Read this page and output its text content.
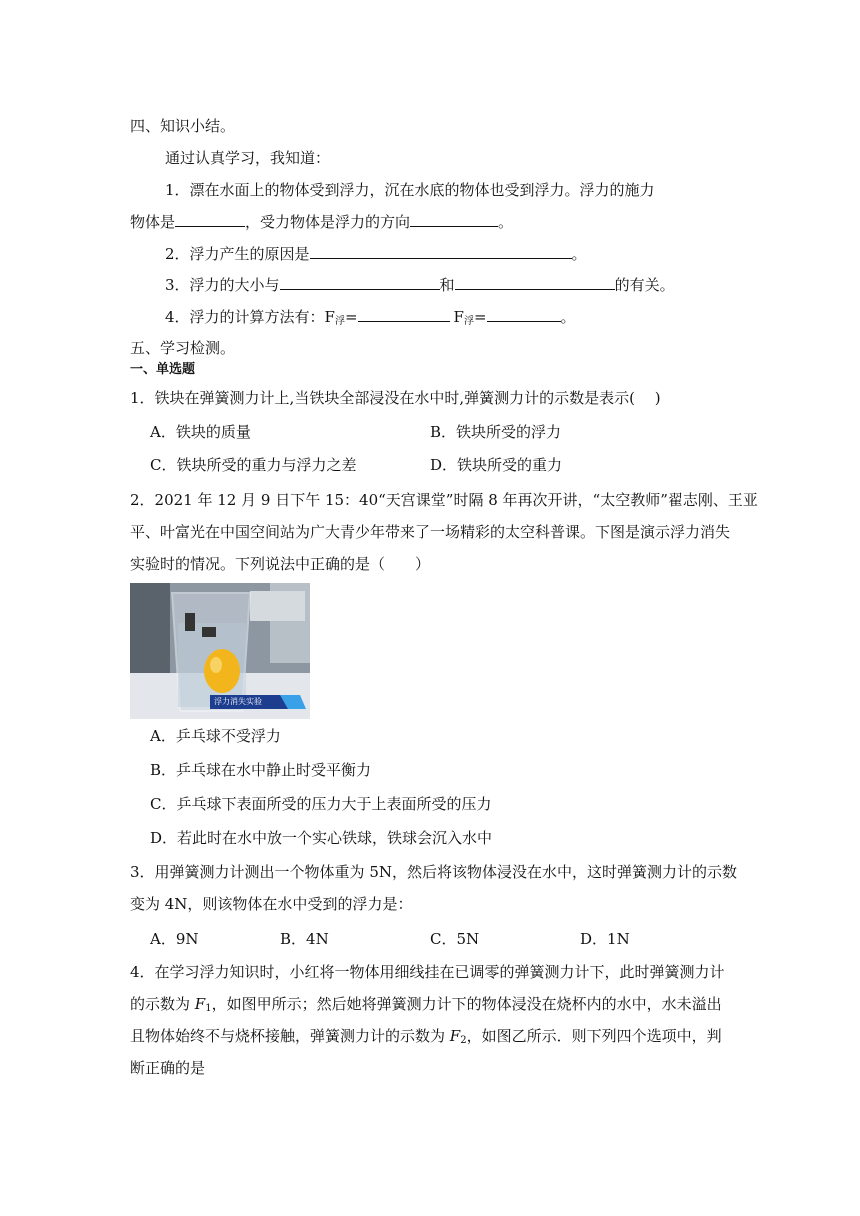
四、知识小结。
通过认真学习，我知道：
1．漂在水面上的物体受到浮力，沉在水底的物体也受到浮力。浮力的施力
物体是	，受力物体是浮力的方向	。
2．浮力产生的原因是	。
3．浮力的大小与	和	的有关。
4．浮力的计算方法有：$F_浮=$	$F_浮=$	。
五、学习检测。
一、单选题
1．铁块在弹簧测力计上,当铁块全部浸没在水中时,弹簧测力计的示数是表示(　 )
A．铁块的质量	B．铁块所受的浮力
C．铁块所受的重力与浮力之差	D．铁块所受的重力
2．2021 年 12 月 9 日下午 15：40“天宫课堂”时隔 8 年再次开讲，“太空教师”翟志刚、王亚
平、叶富光在中国空间站为广大青少年带来了一场精彩的太空科普课。下图是演示浮力消失
实验时的情况。下列说法中正确的是（　　）
浮力消失实验
A．乒乓球不受浮力
B．乒乓球在水中静止时受平衡力
C．乒乓球下表面所受的压力大于上表面所受的压力
D．若此时在水中放一个实心铁球，铁球会沉入水中
3．用弹簧测力计测出一个物体重为 5N，然后将该物体浸没在水中，这时弹簧测力计的示数
变为 4N，则该物体在水中受到的浮力是：
A．9N	B．4N	C．5N	D．1N
4．在学习浮力知识时，小红将一物体用细线挂在已调零的弹簧测力计下，此时弹簧测力计
的示数为 $F_1$，如图甲所示；然后她将弹簧测力计下的物体浸没在烧杯内的水中，水未溢出
且物体始终不与烧杯接触，弹簧测力计的示数为 $F_2$，如图乙所示．则下列四个选项中，判
断正确的是
